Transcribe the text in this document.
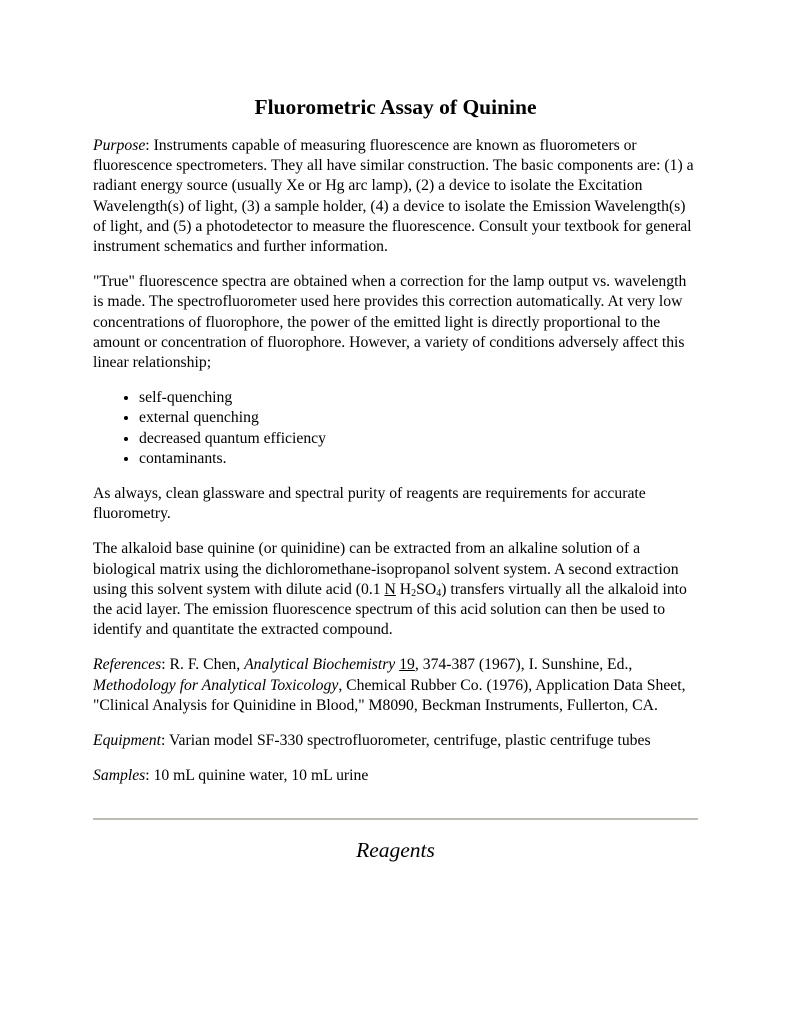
Fluorometric Assay of Quinine

Purpose: Instruments capable of measuring fluorescence are known as fluorometers or fluorescence spectrometers. They all have similar construction. The basic components are: (1) a radiant energy source (usually Xe or Hg arc lamp), (2) a device to isolate the Excitation Wavelength(s) of light, (3) a sample holder, (4) a device to isolate the Emission Wavelength(s) of light, and (5) a photodetector to measure the fluorescence. Consult your textbook for general instrument schematics and further information.

"True" fluorescence spectra are obtained when a correction for the lamp output vs. wavelength is made. The spectrofluorometer used here provides this correction automatically. At very low concentrations of fluorophore, the power of the emitted light is directly proportional to the amount or concentration of fluorophore. However, a variety of conditions adversely affect this linear relationship;

• self-quenching
• external quenching
• decreased quantum efficiency
• contaminants.

As always, clean glassware and spectral purity of reagents are requirements for accurate fluorometry.

The alkaloid base quinine (or quinidine) can be extracted from an alkaline solution of a biological matrix using the dichloromethane-isopropanol solvent system. A second extraction using this solvent system with dilute acid (0.1 N $H_2SO_4$) transfers virtually all the alkaloid into the acid layer. The emission fluorescence spectrum of this acid solution can then be used to identify and quantitate the extracted compound.

References: R. F. Chen, Analytical Biochemistry 19, 374-387 (1967), I. Sunshine, Ed., Methodology for Analytical Toxicology, Chemical Rubber Co. (1976), Application Data Sheet, "Clinical Analysis for Quinidine in Blood," M8090, Beckman Instruments, Fullerton, CA.

Equipment: Varian model SF-330 spectrofluorometer, centrifuge, plastic centrifuge tubes

Samples: 10 mL quinine water, 10 mL urine

Reagents
